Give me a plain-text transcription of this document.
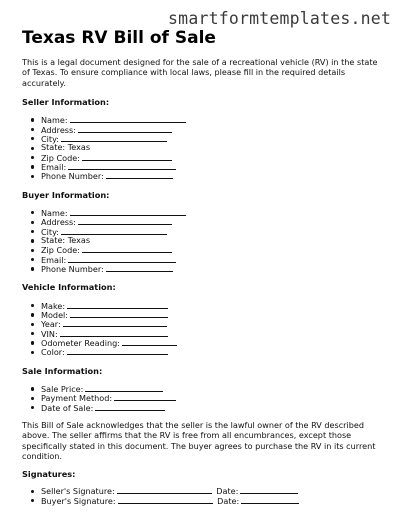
smartformtemplates.net
Texas RV Bill of Sale

This is a legal document designed for the sale of a recreational vehicle (RV) in the state of Texas. To ensure compliance with local laws, please fill in the required details accurately.

Seller Information:

Name:
Address:
City:
State: Texas
Zip Code:
Email:
Phone Number:

Buyer Information:

Name:
Address:
City:
State: Texas
Zip Code:
Email:
Phone Number:

Vehicle Information:

Make:
Model:
Year:
VIN:
Odometer Reading:
Color:

Sale Information:

Sale Price:
Payment Method:
Date of Sale:

This Bill of Sale acknowledges that the seller is the lawful owner of the RV described above. The seller affirms that the RV is free from all encumbrances, except those specifically stated in this document. The buyer agrees to purchase the RV in its current condition.

Signatures:

Seller's Signature:	Date:
Buyer's Signature:	Date:
